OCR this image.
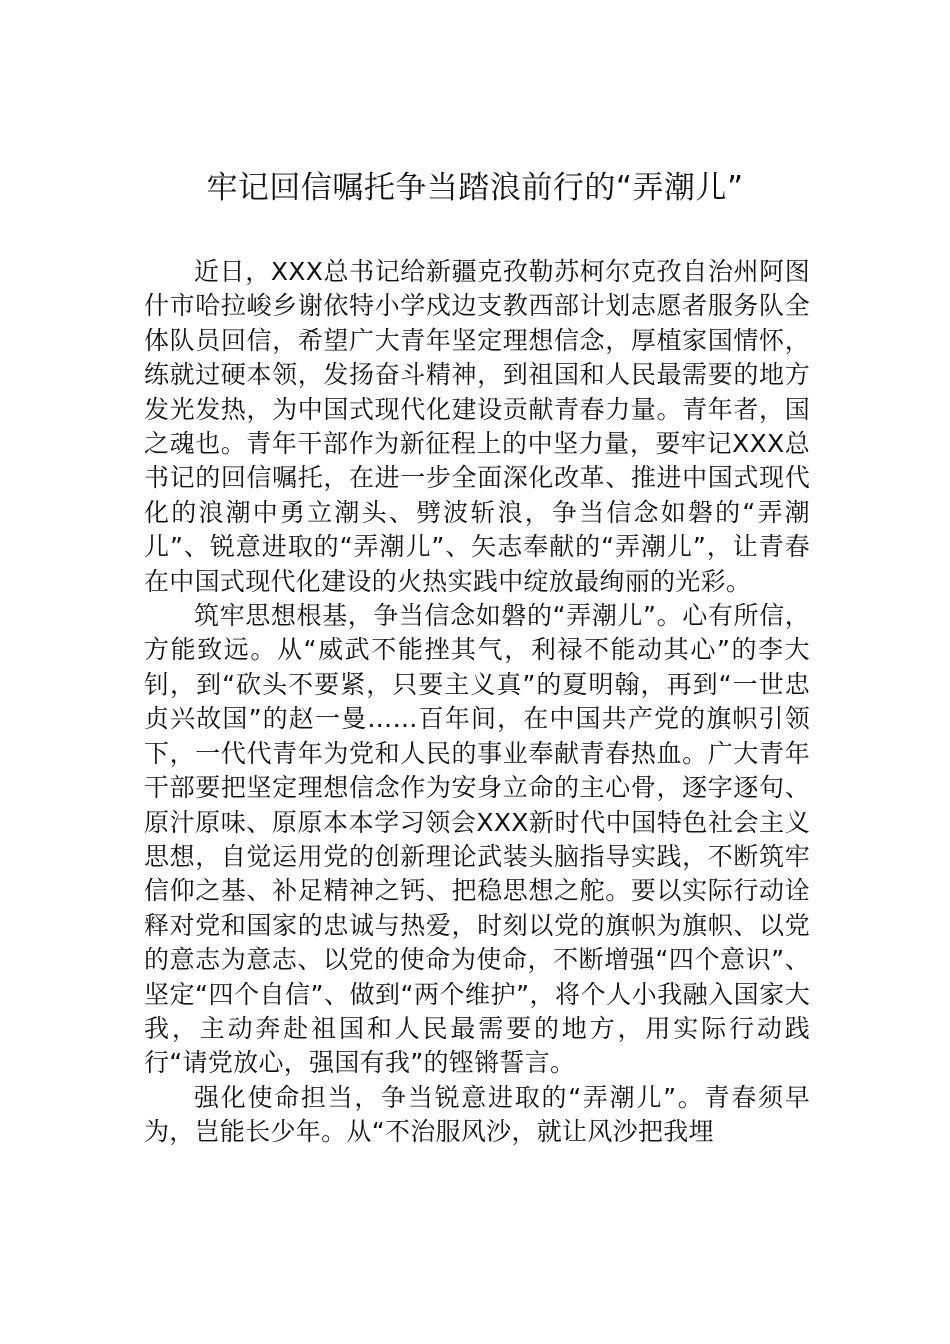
牢记回信嘱托争当踏浪前行的“弄潮儿”

近日，XXX总书记给新疆克孜勒苏柯尔克孜自治州阿图什市哈拉峻乡谢依特小学戍边支教西部计划志愿者服务队全体队员回信，希望广大青年坚定理想信念，厚植家国情怀，练就过硬本领，发扬奋斗精神，到祖国和人民最需要的地方发光发热，为中国式现代化建设贡献青春力量。青年者，国之魂也。青年干部作为新征程上的中坚力量，要牢记XXX总书记的回信嘱托，在进一步全面深化改革、推进中国式现代化的浪潮中勇立潮头、劈波斩浪，争当信念如磐的“弄潮儿”、锐意进取的“弄潮儿”、矢志奉献的“弄潮儿”，让青春在中国式现代化建设的火热实践中绽放最绚丽的光彩。

筑牢思想根基，争当信念如磐的“弄潮儿”。心有所信，方能致远。从“威武不能挫其气，利禄不能动其心”的李大钊，到“砍头不要紧，只要主义真”的夏明翰，再到“一世忠贞兴故国”的赵一曼……百年间，在中国共产党的旗帜引领下，一代代青年为党和人民的事业奉献青春热血。广大青年干部要把坚定理想信念作为安身立命的主心骨，逐字逐句、原汁原味、原原本本学习领会XXX新时代中国特色社会主义思想，自觉运用党的创新理论武装头脑指导实践，不断筑牢信仰之基、补足精神之钙、把稳思想之舵。要以实际行动诠释对党和国家的忠诚与热爱，时刻以党的旗帜为旗帜、以党的意志为意志、以党的使命为使命，不断增强“四个意识”、坚定“四个自信”、做到“两个维护”，将个人小我融入国家大我，主动奔赴祖国和人民最需要的地方，用实际行动践行“请党放心，强国有我”的铿锵誓言。

强化使命担当，争当锐意进取的“弄潮儿”。青春须早为，岂能长少年。从“不治服风沙，就让风沙把我埋
